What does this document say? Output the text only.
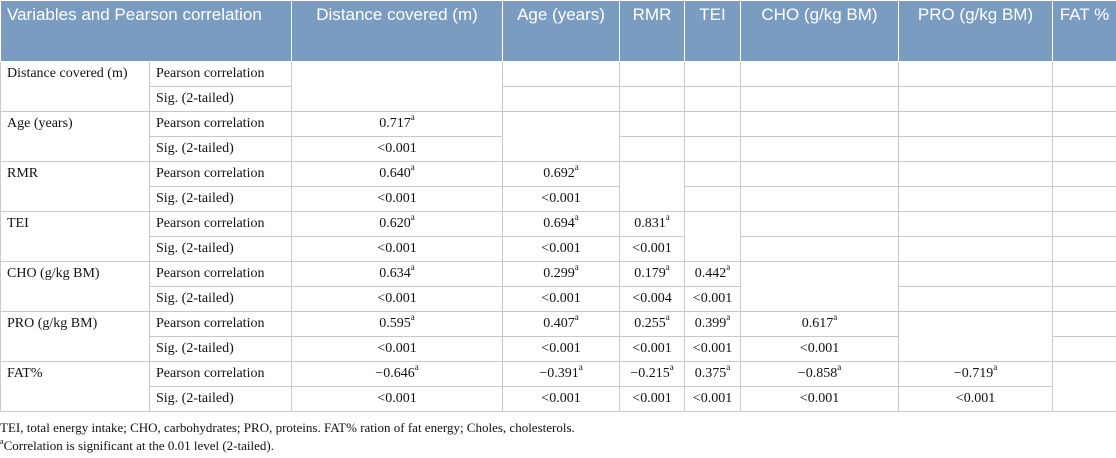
Variables and Pearson correlation		Distance covered (m)	Age (years)	RMR	TEI	CHO (g/kg BM)	PRO (g/kg BM)	FAT %
Distance covered (m)	Pearson correlation							
	Sig. (2-tailed)							
Age (years)	Pearson correlation	0.717$^a$						
	Sig. (2-tailed)	<0.001						
RMR	Pearson correlation	0.640$^a$	0.692$^a$					
	Sig. (2-tailed)	<0.001	<0.001					
TEI	Pearson correlation	0.620$^a$	0.694$^a$	0.831$^a$				
	Sig. (2-tailed)	<0.001	<0.001	<0.001				
CHO (g/kg BM)	Pearson correlation	0.634$^a$	0.299$^a$	0.179$^a$	0.442$^a$			
	Sig. (2-tailed)	<0.001	<0.001	<0.004	<0.001			
PRO (g/kg BM)	Pearson correlation	0.595$^a$	0.407$^a$	0.255$^a$	0.399$^a$	0.617$^a$		
	Sig. (2-tailed)	<0.001	<0.001	<0.001	<0.001	<0.001		
FAT%	Pearson correlation	−0.646$^a$	−0.391$^a$	−0.215$^a$	0.375$^a$	−0.858$^a$	−0.719$^a$	
	Sig. (2-tailed)	<0.001	<0.001	<0.001	<0.001	<0.001	<0.001	

TEI, total energy intake; CHO, carbohydrates; PRO, proteins. FAT% ration of fat energy; Choles, cholesterols.

$^a$Correlation is significant at the 0.01 level (2-tailed).
